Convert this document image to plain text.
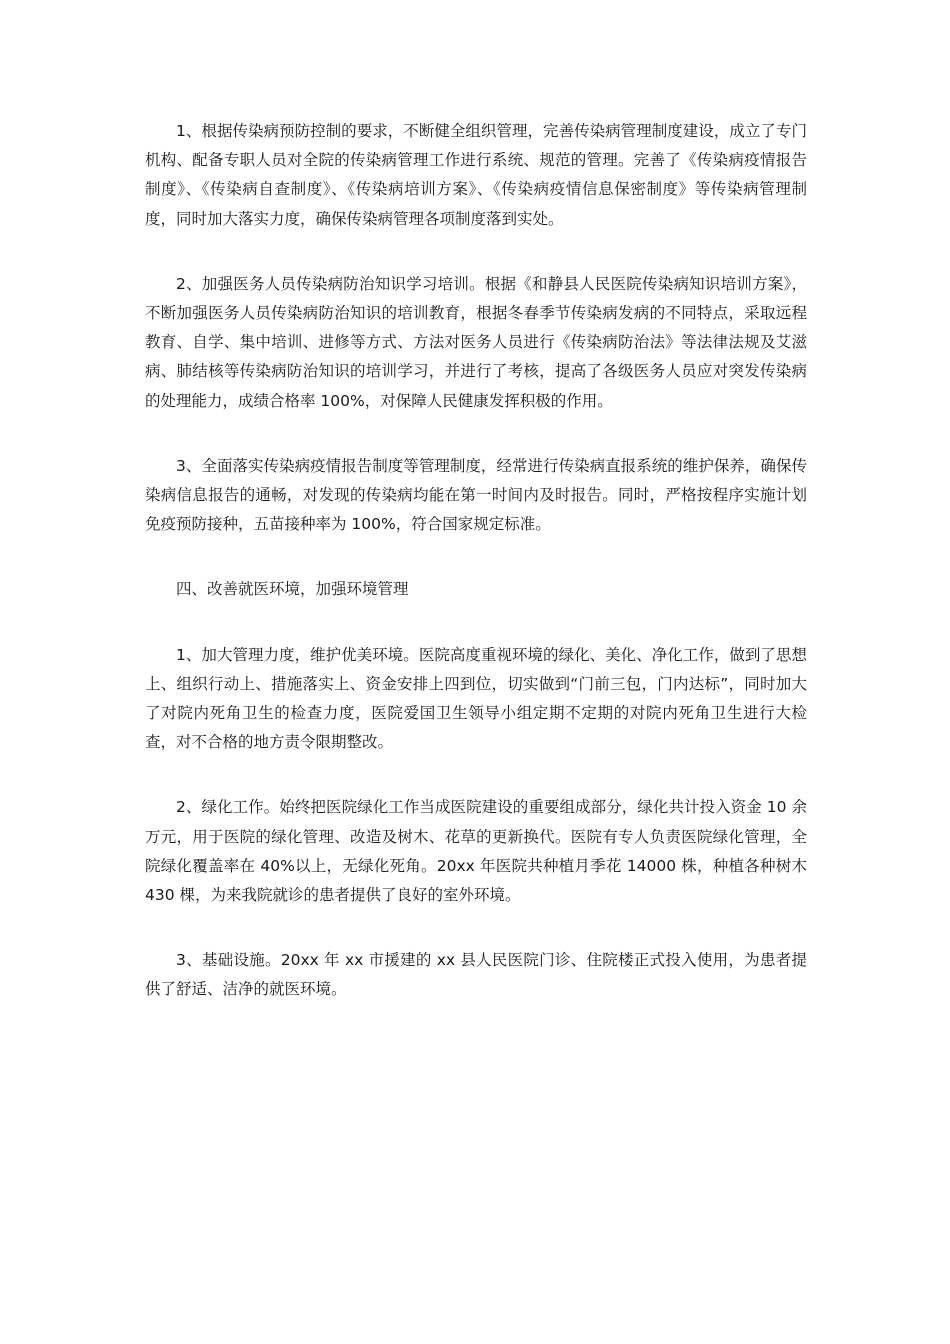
1、根据传染病预防控制的要求，不断健全组织管理，完善传染病管理制度建设，成立了专门机构、配备专职人员对全院的传染病管理工作进行系统、规范的管理。完善了《传染病疫情报告制度》、《传染病自查制度》、《传染病培训方案》、《传染病疫情信息保密制度》等传染病管理制度，同时加大落实力度，确保传染病管理各项制度落到实处。

2、加强医务人员传染病防治知识学习培训。根据《和静县人民医院传染病知识培训方案》，不断加强医务人员传染病防治知识的培训教育，根据冬春季节传染病发病的不同特点，采取远程教育、自学、集中培训、进修等方式、方法对医务人员进行《传染病防治法》等法律法规及艾滋病、肺结核等传染病防治知识的培训学习，并进行了考核，提高了各级医务人员应对突发传染病的处理能力，成绩合格率 100%，对保障人民健康发挥积极的作用。

3、全面落实传染病疫情报告制度等管理制度，经常进行传染病直报系统的维护保养，确保传染病信息报告的通畅，对发现的传染病均能在第一时间内及时报告。同时，严格按程序实施计划免疫预防接种，五苗接种率为 100%，符合国家规定标准。

四、改善就医环境，加强环境管理

1、加大管理力度，维护优美环境。医院高度重视环境的绿化、美化、净化工作，做到了思想上、组织行动上、措施落实上、资金安排上四到位，切实做到“门前三包，门内达标”，同时加大了对院内死角卫生的检查力度，医院爱国卫生领导小组定期不定期的对院内死角卫生进行大检查，对不合格的地方责令限期整改。

2、绿化工作。始终把医院绿化工作当成医院建设的重要组成部分，绿化共计投入资金 10 余万元，用于医院的绿化管理、改造及树木、花草的更新换代。医院有专人负责医院绿化管理，全院绿化覆盖率在 40%以上，无绿化死角。20xx 年医院共种植月季花 14000 株，种植各种树木 430 棵，为来我院就诊的患者提供了良好的室外环境。

3、基础设施。20xx 年 xx 市援建的 xx 县人民医院门诊、住院楼正式投入使用，为患者提供了舒适、洁净的就医环境。
